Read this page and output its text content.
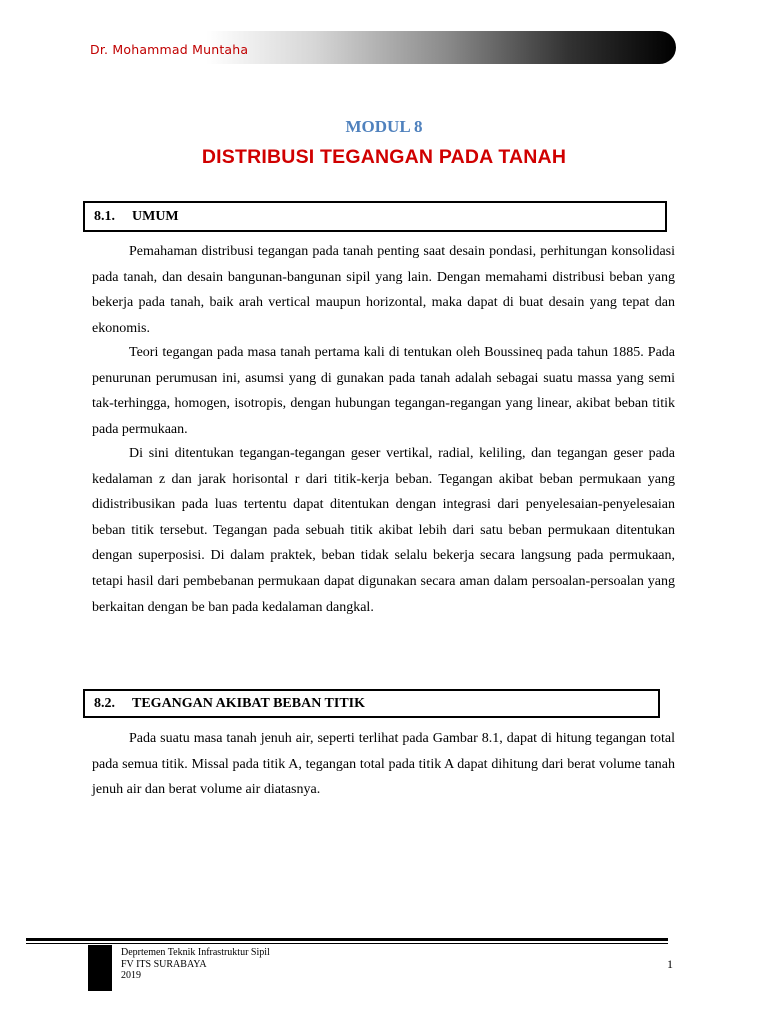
Dr. Mohammad Muntaha
MODUL 8
DISTRIBUSI TEGANGAN PADA TANAH
8.1.	UMUM

Pemahaman distribusi tegangan pada tanah penting saat desain pondasi, perhitungan konsolidasi pada tanah, dan desain bangunan-bangunan sipil yang lain. Dengan memahami distribusi beban yang bekerja pada tanah, baik arah vertical maupun horizontal, maka dapat di buat desain yang tepat dan ekonomis.

Teori tegangan pada masa tanah pertama kali di tentukan oleh Boussineq pada tahun 1885. Pada penurunan perumusan ini, asumsi yang di gunakan pada tanah adalah sebagai suatu massa yang semi tak-terhingga, homogen, isotropis, dengan hubungan tegangan-regangan yang linear, akibat beban titik pada permukaan.

Di sini ditentukan tegangan-tegangan geser vertikal, radial, keliling, dan tegangan geser pada kedalaman z dan jarak horisontal r dari titik-kerja beban. Tegangan akibat beban permukaan yang didistribusikan pada luas tertentu dapat ditentukan dengan integrasi dari penyelesaian-penyelesaian beban titik tersebut. Tegangan pada sebuah titik akibat lebih dari satu beban permukaan ditentukan dengan superposisi. Di dalam praktek, beban tidak selalu bekerja secara langsung pada permukaan, tetapi hasil dari pembebanan permukaan dapat digunakan secara aman dalam persoalan-persoalan yang berkaitan dengan be ban pada kedalaman dangkal.

8.2.	TEGANGAN AKIBAT BEBAN TITIK

Pada suatu masa tanah jenuh air, seperti terlihat pada Gambar 8.1, dapat di hitung tegangan total pada semua titik. Missal pada titik A, tegangan total pada titik A dapat dihitung dari berat volume tanah jenuh air dan berat volume air diatasnya.

Deprtemen Teknik Infrastruktur Sipil
FV ITS SURABAYA
2019
1
